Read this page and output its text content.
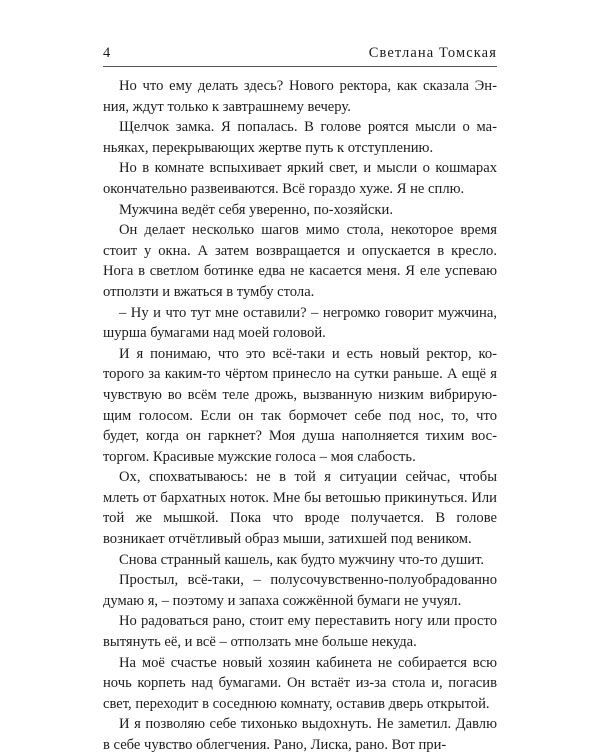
4	Светлана Томская

Но что ему делать здесь? Нового ректора, как сказала Энния, ждут только к завтрашнему вечеру.

Щелчок замка. Я попалась. В голове роятся мысли о маньяках, перекрывающих жертве путь к отступлению.

Но в комнате вспыхивает яркий свет, и мысли о кошмарах окончательно развеиваются. Всё гораздо хуже. Я не сплю.

Мужчина ведёт себя уверенно, по-хозяйски.

Он делает несколько шагов мимо стола, некоторое время стоит у окна. А затем возвращается и опускается в кресло. Нога в светлом ботинке едва не касается меня. Я еле успеваю отползти и вжаться в тумбу стола.

– Ну и что тут мне оставили? – негромко говорит мужчина, шурша бумагами над моей головой.

И я понимаю, что это всё-таки и есть новый ректор, которого за каким-то чёртом принесло на сутки раньше. А ещё я чувствую во всём теле дрожь, вызванную низким вибрирующим голосом. Если он так бормочет себе под нос, то, что будет, когда он гаркнет? Моя душа наполняется тихим восторгом. Красивые мужские голоса – моя слабость.

Ох, спохватываюсь: не в той я ситуации сейчас, чтобы млеть от бархатных ноток. Мне бы ветошью прикинуться. Или той же мышкой. Пока что вроде получается. В голове возникает отчётливый образ мыши, затихшей под веником.

Снова странный кашель, как будто мужчину что-то душит.

Простыл, всё-таки, – полусочувственно-полуобрадованно думаю я, – поэтому и запаха сожжённой бумаги не учуял.

Но радоваться рано, стоит ему переставить ногу или просто вытянуть её, и всё – отползать мне больше некуда.

На моё счастье новый хозяин кабинета не собирается всю ночь корпеть над бумагами. Он встаёт из-за стола и, погасив свет, переходит в соседнюю комнату, оставив дверь открытой.

И я позволяю себе тихонько выдохнуть. Не заметил. Давлю в себе чувство облегчения. Рано, Лиска, рано. Вот при-
